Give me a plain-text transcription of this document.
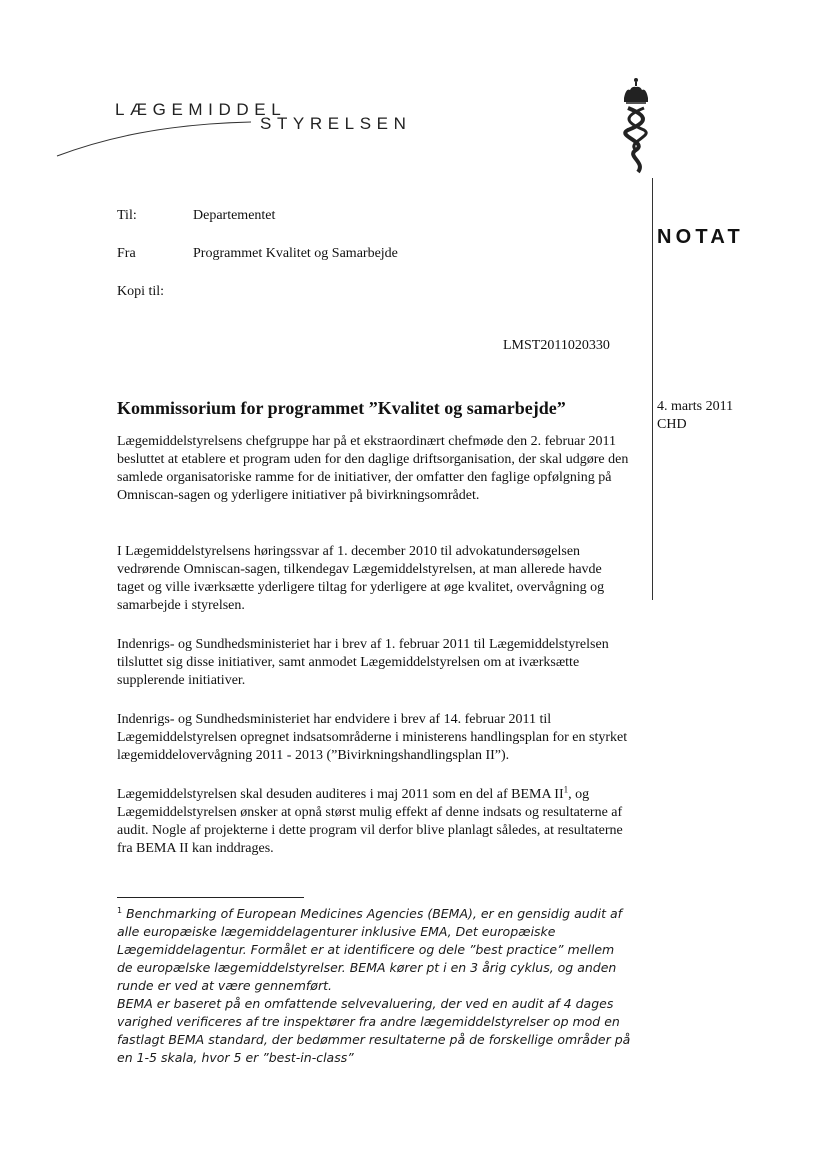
LÆGEMIDDEL
STYRELSEN
NOTAT
Til:	Departementet
Fra	Programmet Kvalitet og Samarbejde
Kopi til:
LMST2011020330
4. marts 2011
CHD
Kommissorium for programmet ”Kvalitet og samarbejde”

Lægemiddelstyrelsens chefgruppe har på et ekstraordinært chefmøde den 2. februar 2011 besluttet at etablere et program uden for den daglige driftsorganisation, der skal udgøre den samlede organisatoriske ramme for de initiativer, der omfatter den faglige opfølgning på Omniscan-sagen og yderligere initiativer på bivirkningsområdet.

I Lægemiddelstyrelsens høringssvar af 1. december 2010 til advokatundersøgelsen vedrørende Omniscan-sagen, tilkendegav Lægemiddelstyrelsen, at man allerede havde taget og ville iværksætte yderligere tiltag for yderligere at øge kvalitet, overvågning og samarbejde i styrelsen.

Indenrigs- og Sundhedsministeriet har i brev af 1. februar 2011 til Lægemiddelstyrelsen tilsluttet sig disse initiativer, samt anmodet Lægemiddelstyrelsen om at iværksætte supplerende initiativer.

Indenrigs- og Sundhedsministeriet har endvidere i brev af 14. februar 2011 til Lægemiddelstyrelsen opregnet indsatsområderne i ministerens handlingsplan for en styrket lægemiddelovervågning 2011 - 2013 (”Bivirkningshandlingsplan II”).

Lægemiddelstyrelsen skal desuden auditeres i maj 2011 som en del af BEMA $II^1$, og Lægemiddelstyrelsen ønsker at opnå størst mulig effekt af denne indsats og resultaterne af audit. Nogle af projekterne i dette program vil derfor blive planlagt således, at resultaterne fra BEMA II kan inddrages.

$^1$ Benchmarking of European Medicines Agencies (BEMA), er en gensidig audit af alle europæiske lægemiddelagenturer inklusive EMA, Det europæiske Lægemiddelagentur. Formålet er at identificere og dele ”best practice” mellem de europælske lægemiddelstyrelser. BEMA kører pt i en 3 årig cyklus, og anden runde er ved at være gennemført.

BEMA er baseret på en omfattende selvevaluering, der ved en audit af 4 dages varighed verificeres af tre inspektører fra andre lægemiddelstyrelser op mod en fastlagt BEMA standard, der bedømmer resultaterne på de forskellige områder på en 1-5 skala, hvor 5 er ”best-in-class”
